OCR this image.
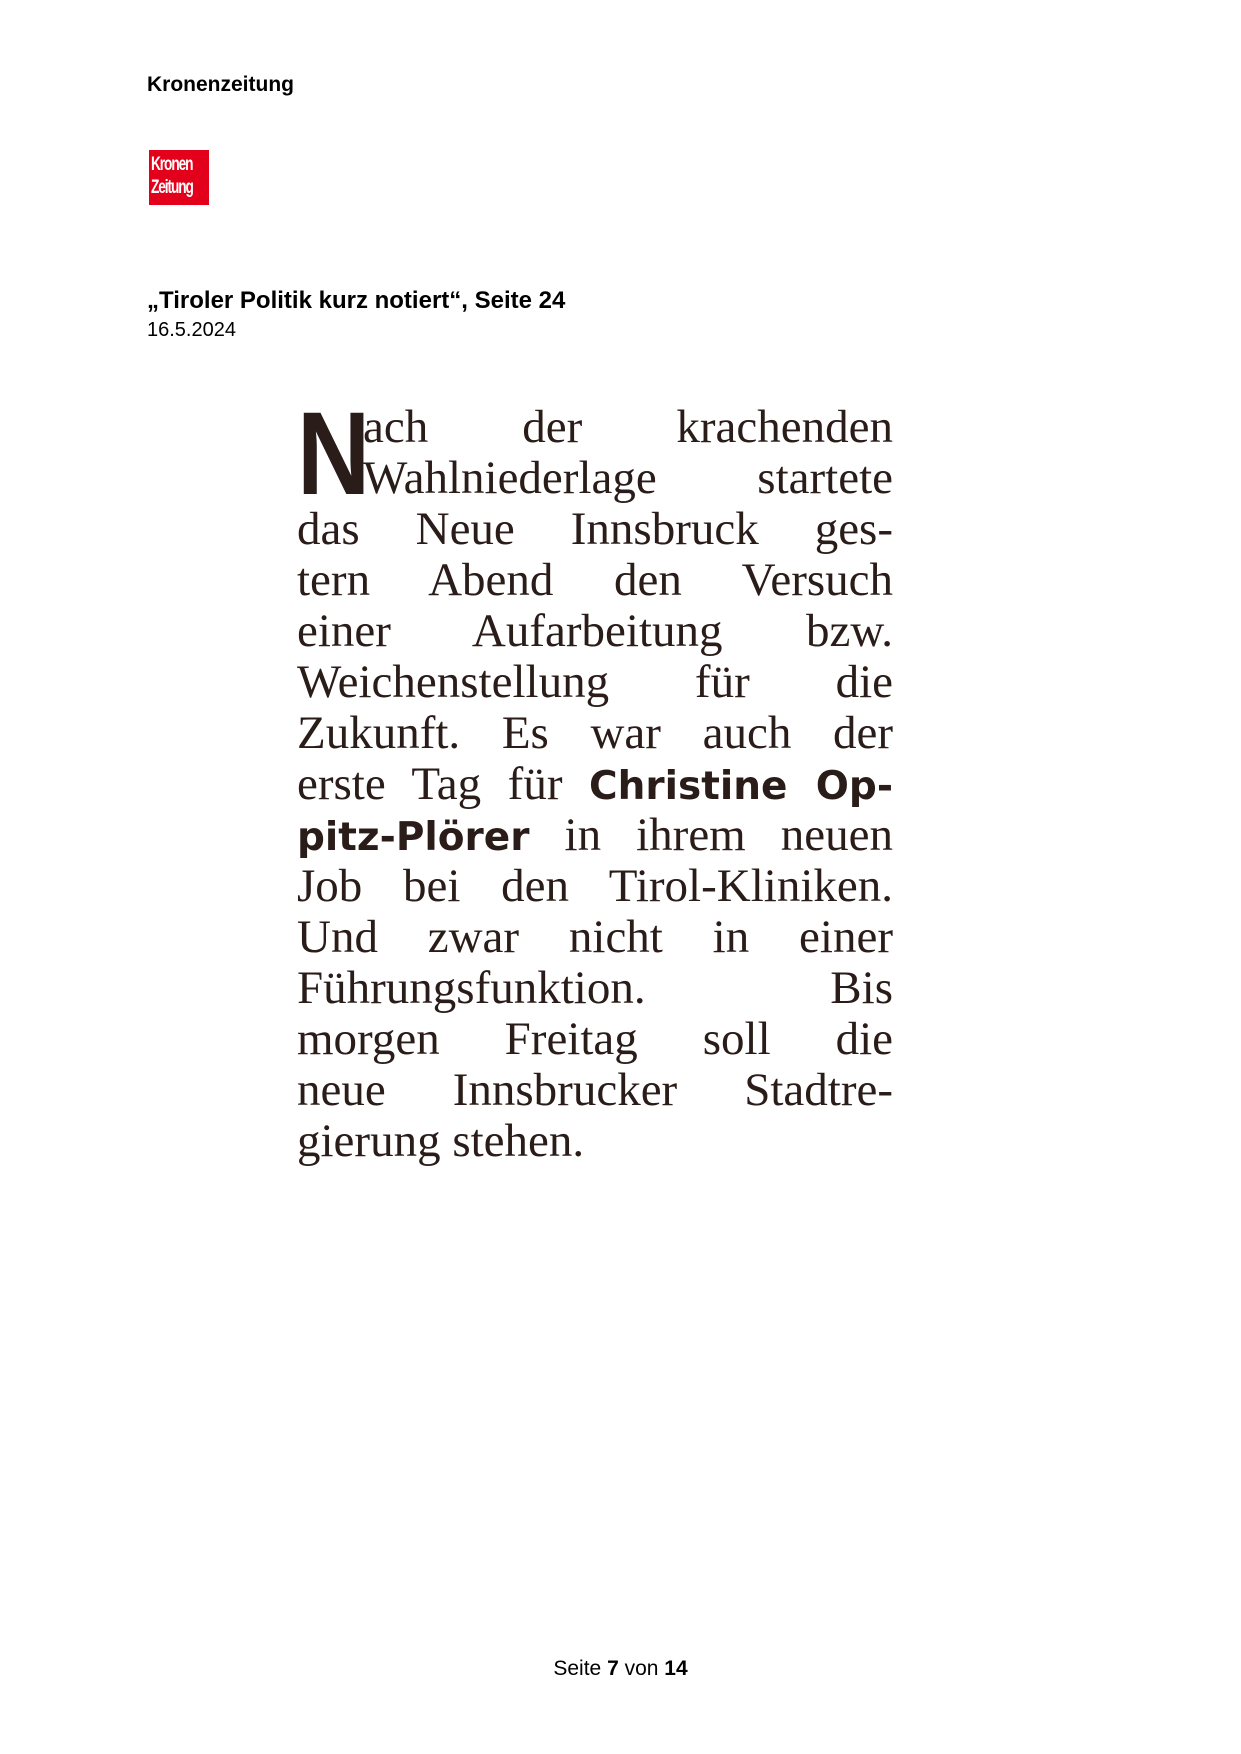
Kronenzeitung
Kronen
Zeitung
„Tiroler Politik kurz notiert“, Seite 24
16.5.2024
N
ach der krachenden
Wahlniederlage startete
das Neue Innsbruck ges-
tern Abend den Versuch
einer Aufarbeitung bzw.
Weichenstellung für die
Zukunft. Es war auch der
erste Tag für Christine Op-
pitz-Plörer in ihrem neuen
Job bei den Tirol-Kliniken.
Und zwar nicht in einer
Führungsfunktion. Bis
morgen Freitag soll die
neue Innsbrucker Stadtre-
gierung stehen.
Seite 7 von 14
